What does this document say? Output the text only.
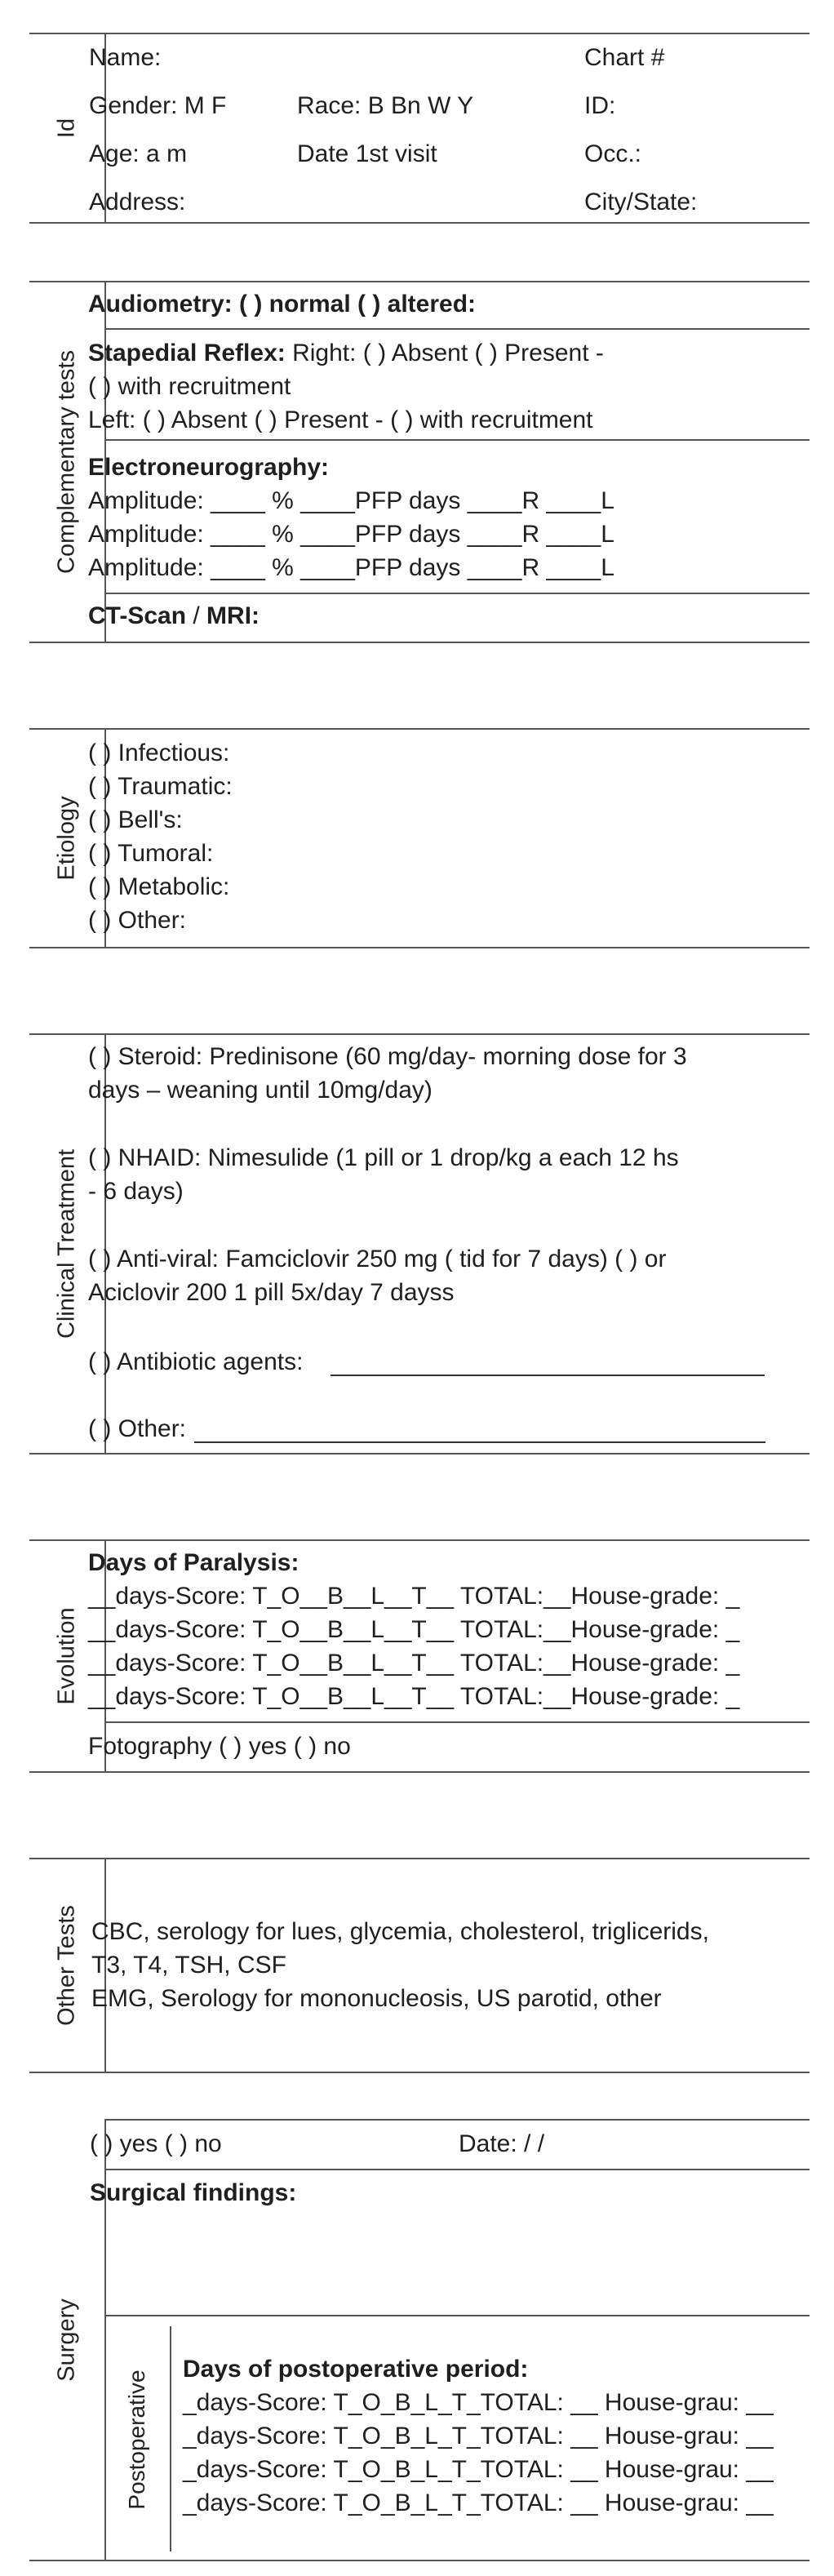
Id
Name:	Chart #
Gender: M F	Race: B Bn W Y	ID:
Age: a m	Date 1st visit	Occ.:
Address:	City/State:
Complementary tests
Audiometry: ( ) normal ( ) altered:
Stapedial Reflex: Right: ( ) Absent ( ) Present -
( ) with recruitment
Left: ( ) Absent ( ) Present - ( ) with recruitment
Electroneurography:
Amplitude: ____ % ____PFP days ____R ____L
Amplitude: ____ % ____PFP days ____R ____L
Amplitude: ____ % ____PFP days ____R ____L
CT-Scan / MRI:
Etiology
( ) Infectious:
( ) Traumatic:
( ) Bell's:
( ) Tumoral:
( ) Metabolic:
( ) Other:
Clinical Treatment
( ) Steroid: Predinisone (60 mg/day- morning dose for 3
days – weaning until 10mg/day)
( ) NHAID: Nimesulide (1 pill or 1 drop/kg a each 12 hs
- 6 days)
( ) Anti-viral: Famciclovir 250 mg ( tid for 7 days) ( ) or
Aciclovir 200 1 pill 5x/day 7 dayss
( ) Antibiotic agents:
( ) Other:
Evolution
Days of Paralysis:
__days-Score: T_O__B__L__T__ TOTAL:__House-grade: _
__days-Score: T_O__B__L__T__ TOTAL:__House-grade: _
__days-Score: T_O__B__L__T__ TOTAL:__House-grade: _
__days-Score: T_O__B__L__T__ TOTAL:__House-grade: _
Fotography ( ) yes ( ) no
Other Tests CBC, serology for lues, glycemia, cholesterol, triglicerids,
T3, T4, TSH, CSF
EMG, Serology for mononucleosis, US parotid, other
Surgery
( ) yes ( ) no	Date: / /
Surgical findings:
Postoperative
Days of postoperative period:
_days-Score: T_O_B_L_T_TOTAL: __ House-grau: __
_days-Score: T_O_B_L_T_TOTAL: __ House-grau: __
_days-Score: T_O_B_L_T_TOTAL: __ House-grau: __
_days-Score: T_O_B_L_T_TOTAL: __ House-grau: __
